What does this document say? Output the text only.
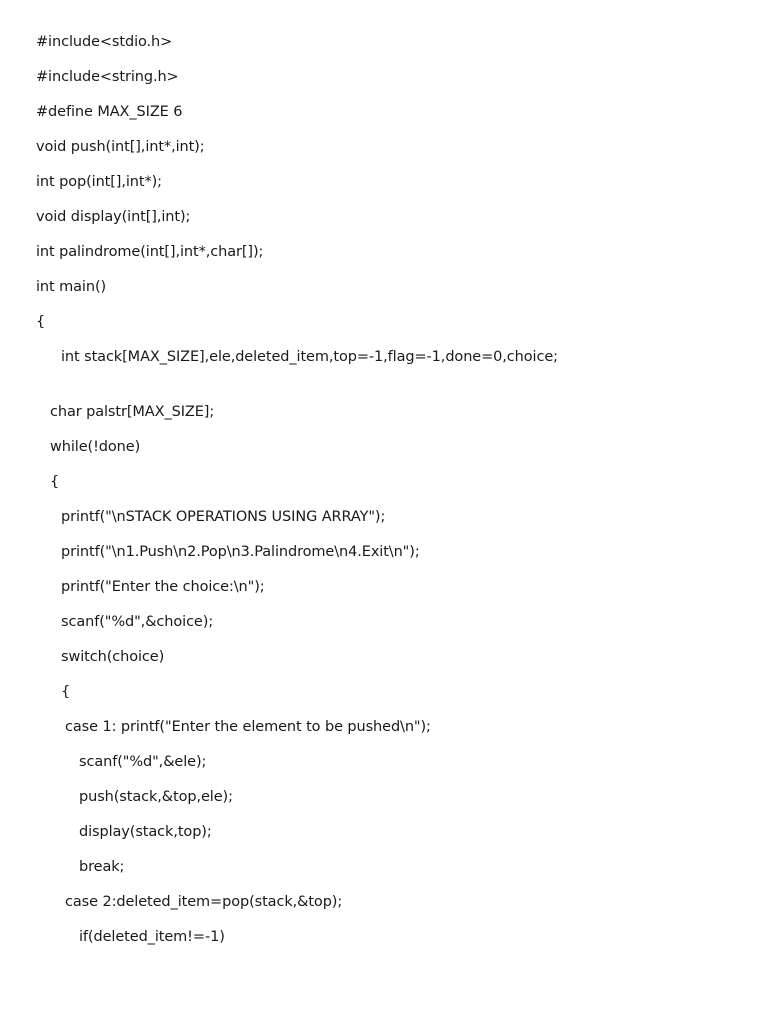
#include<stdio.h>
#include<string.h>
#define MAX_SIZE 6
void push(int[],int*,int);
int pop(int[],int*);
void display(int[],int);
int palindrome(int[],int*,char[]);
int main()
{
int stack[MAX_SIZE],ele,deleted_item,top=-1,flag=-1,done=0,choice;
char palstr[MAX_SIZE];
while(!done)
{
printf("\nSTACK OPERATIONS USING ARRAY");
printf("\n1.Push\n2.Pop\n3.Palindrome\n4.Exit\n");
printf("Enter the choice:\n");
scanf("%d",&choice);
switch(choice)
{
case 1: printf("Enter the element to be pushed\n");
scanf("%d",&ele);
push(stack,&top,ele);
display(stack,top);
break;
case 2:deleted_item=pop(stack,&top);
if(deleted_item!=-1)
